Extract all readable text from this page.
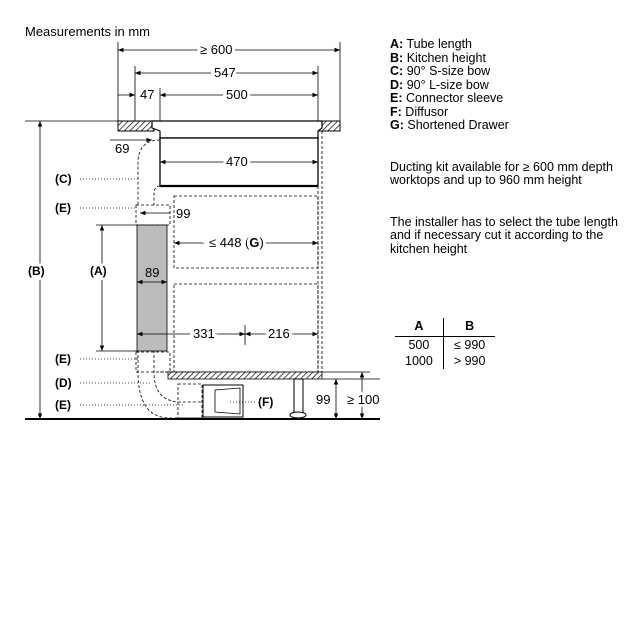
Measurements in mm
≥ 600
547
47	500
69
470
99
≤ 448 (G)
89
331	216
99 ≥ 100
(C)
(E)
(A)
(B)
(E)
(D)
(E)	(F)
A: Tube length
B: Kitchen height
C: 90° S-size bow
D: 90° L-size bow
E: Connector sleeve
F: Diffusor
G: Shortened Drawer
Ducting kit available for ≥ 600 mm depth worktops and up to 960 mm height
The installer has to select the tube length and if necessary cut it according to the kitchen height
A	B
500	≤ 990
1000	> 990
